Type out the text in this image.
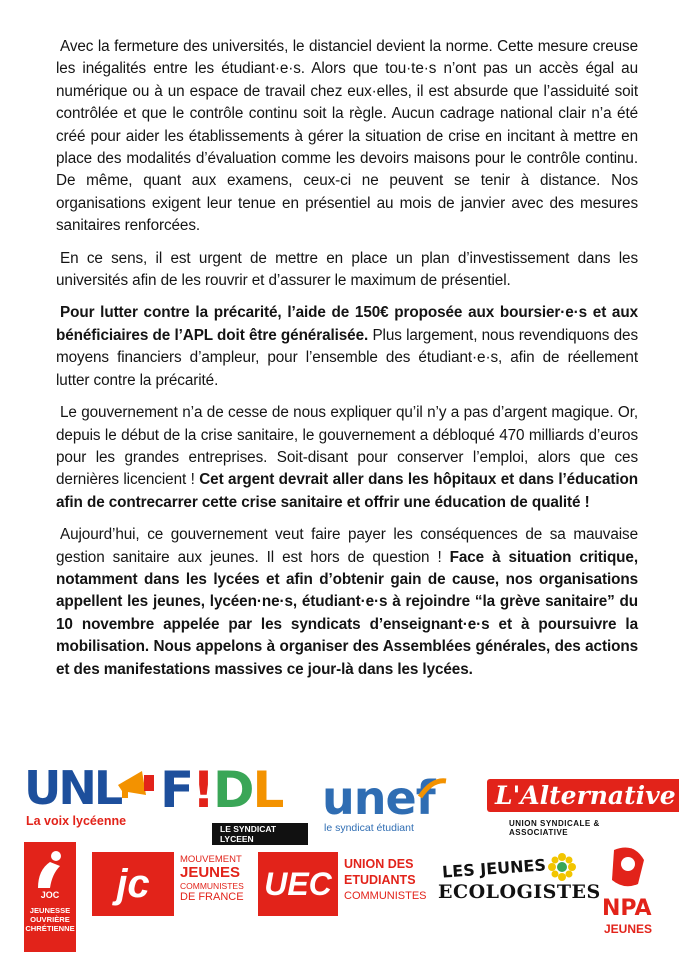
Avec la fermeture des universités, le distanciel devient la norme. Cette mesure creuse les inégalités entre les étudiant·e·s. Alors que tou·te·s n’ont pas un accès égal au numérique ou à un espace de travail chez eux·elles, il est absurde que l’assiduité soit contrôlée et que le contrôle continu soit la règle. Aucun cadrage national clair n’a été créé pour aider les établissements à gérer la situation de crise en incitant à mettre en place des modalités d’évaluation comme les devoirs maisons pour le contrôle continu. De même, quant aux examens, ceux-ci ne peuvent se tenir à distance. Nos organisations exigent leur tenue en présentiel au mois de janvier avec des mesures sanitaires renforcées.

En ce sens, il est urgent de mettre en place un plan d’investissement dans les universités afin de les rouvrir et d’assurer le maximum de présentiel.

Pour lutter contre la précarité, l’aide de 150€ proposée aux boursier·e·s et aux bénéficiaires de l’APL doit être généralisée. Plus largement, nous revendiquons des moyens financiers d’ampleur, pour l’ensemble des étudiant·e·s, afin de réellement lutter contre la précarité.

Le gouvernement n’a de cesse de nous expliquer qu’il n’y a pas d’argent magique. Or, depuis le début de la crise sanitaire, le gouvernement a débloqué 470 milliards d’euros pour les grandes entreprises. Soit-disant pour conserver l’emploi, alors que ces dernières licencient ! Cet argent devrait aller dans les hôpitaux et dans l’éducation afin de contrecarrer cette crise sanitaire et offrir une éducation de qualité !

Aujourd’hui, ce gouvernement veut faire payer les conséquences de sa mauvaise gestion sanitaire aux jeunes. Il est hors de question ! Face à situation critique, notamment dans les lycées et afin d’obtenir gain de cause, nos organisations appellent les jeunes, lycéen·ne·s, étudiant·e·s à rejoindre “la grève sanitaire” du 10 novembre appelée par les syndicats d’enseignant·e·s et à poursuivre la mobilisation. Nous appelons à organiser des Assemblées générales, des actions et des manifestations massives ce jour-là dans les lycées.

UNL
La voix lycéenne
F!DL
LE SYNDICAT LYCEEN
unef
le syndicat étudiant
L'Alternative
UNION SYNDICALE & ASSOCIATIVE
JOC
JEUNESSE
OUVRIÈRE
CHRÉTIENNE
jc
MOUVEMENT
JEUNES
COMMUNISTES
DE FRANCE UEC
UNION DES
ETUDIANTS
COMMUNISTES
LES JEUNES
ECOLOGISTES
NPA
JEUNES
